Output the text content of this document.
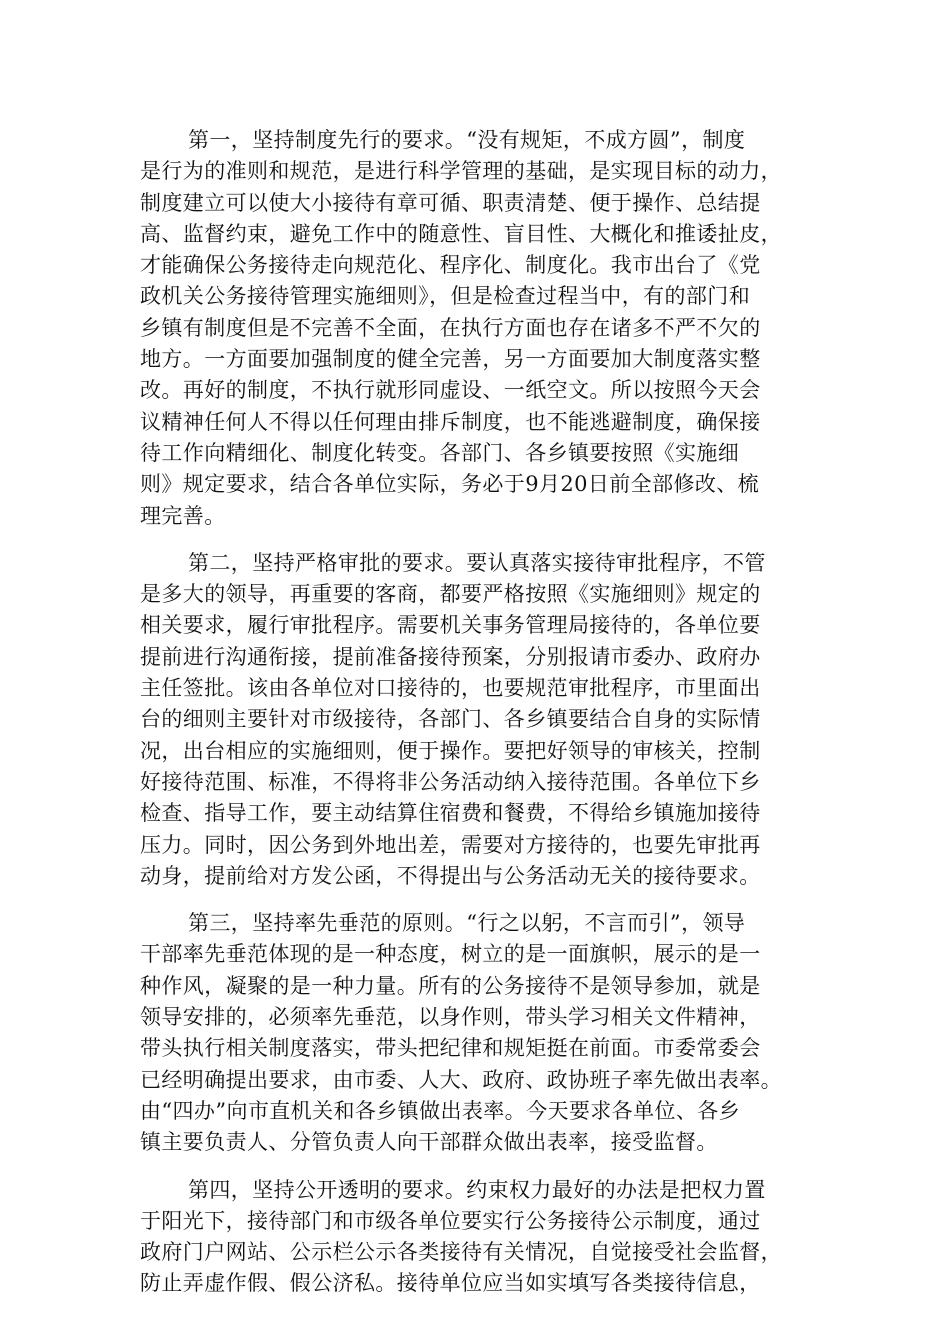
第一，坚持制度先行的要求。“没有规矩，不成方圆”，制度
是行为的准则和规范，是进行科学管理的基础，是实现目标的动力，
制度建立可以使大小接待有章可循、职责清楚、便于操作、总结提
高、监督约束，避免工作中的随意性、盲目性、大概化和推诿扯皮，
才能确保公务接待走向规范化、程序化、制度化。我市出台了《党
政机关公务接待管理实施细则》，但是检查过程当中，有的部门和
乡镇有制度但是不完善不全面，在执行方面也存在诸多不严不欠的
地方。一方面要加强制度的健全完善，另一方面要加大制度落实整
改。再好的制度，不执行就形同虚设、一纸空文。所以按照今天会
议精神任何人不得以任何理由排斥制度，也不能逃避制度，确保接
待工作向精细化、制度化转变。各部门、各乡镇要按照《实施细
则》规定要求，结合各单位实际，务必于9月20日前全部修改、梳
理完善。

第二，坚持严格审批的要求。要认真落实接待审批程序，不管
是多大的领导，再重要的客商，都要严格按照《实施细则》规定的
相关要求，履行审批程序。需要机关事务管理局接待的，各单位要
提前进行沟通衔接，提前准备接待预案，分别报请市委办、政府办
主任签批。该由各单位对口接待的，也要规范审批程序，市里面出
台的细则主要针对市级接待，各部门、各乡镇要结合自身的实际情
况，出台相应的实施细则，便于操作。要把好领导的审核关，控制
好接待范围、标准，不得将非公务活动纳入接待范围。各单位下乡
检查、指导工作，要主动结算住宿费和餐费，不得给乡镇施加接待
压力。同时，因公务到外地出差，需要对方接待的，也要先审批再
动身，提前给对方发公函，不得提出与公务活动无关的接待要求。

第三，坚持率先垂范的原则。“行之以躬，不言而引”，领导
干部率先垂范体现的是一种态度，树立的是一面旗帜，展示的是一
种作风，凝聚的是一种力量。所有的公务接待不是领导参加，就是
领导安排的，必须率先垂范，以身作则，带头学习相关文件精神，
带头执行相关制度落实，带头把纪律和规矩挺在前面。市委常委会
已经明确提出要求，由市委、人大、政府、政协班子率先做出表率。
由“四办”向市直机关和各乡镇做出表率。今天要求各单位、各乡
镇主要负责人、分管负责人向干部群众做出表率，接受监督。

第四，坚持公开透明的要求。约束权力最好的办法是把权力置
于阳光下，接待部门和市级各单位要实行公务接待公示制度，通过
政府门户网站、公示栏公示各类接待有关情况，自觉接受社会监督，
防止弄虚作假、假公济私。接待单位应当如实填写各类接待信息，
